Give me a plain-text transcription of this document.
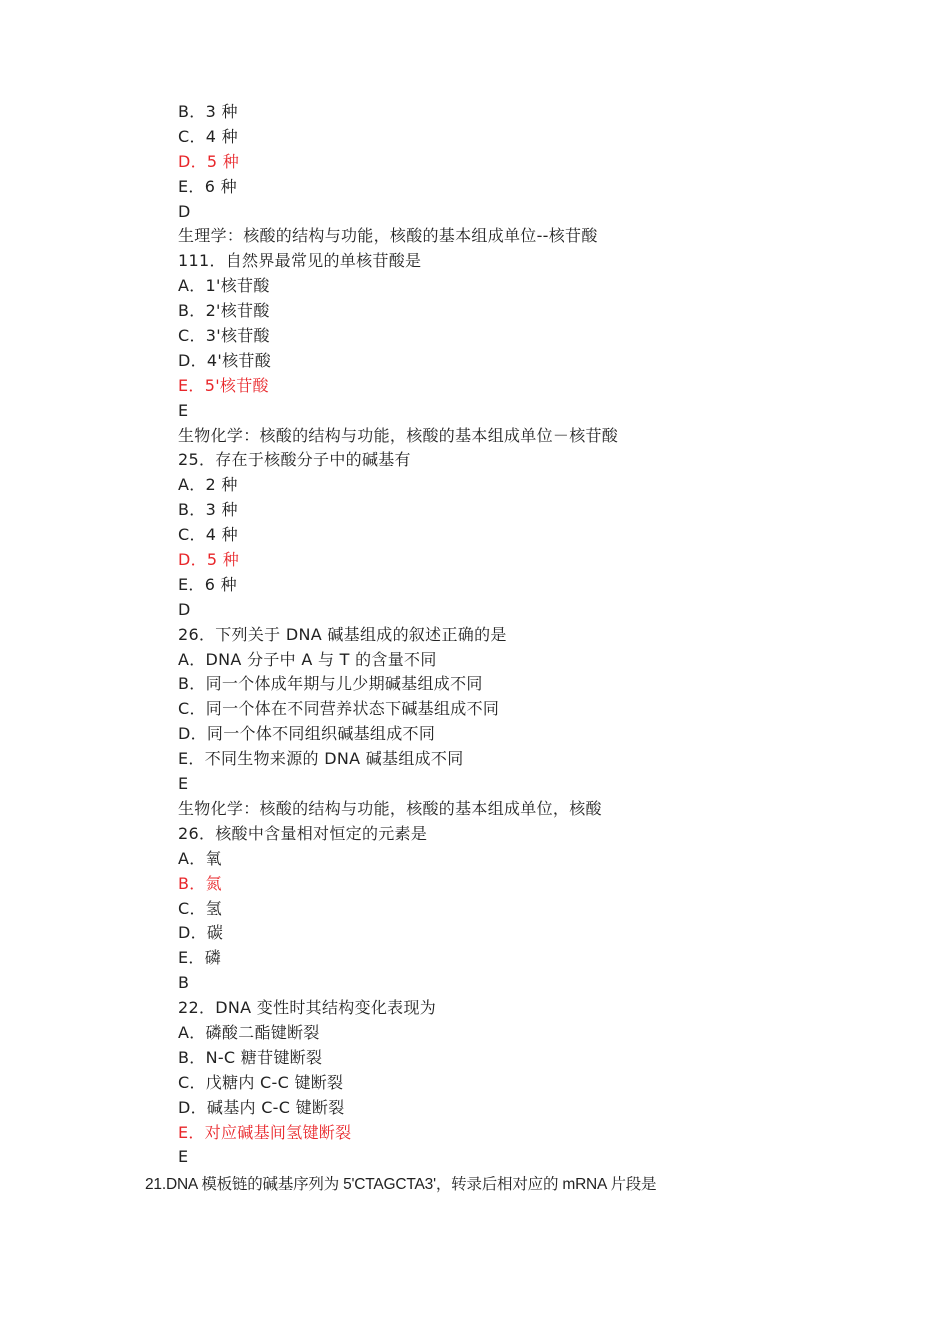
B．3 种
C．4 种
D．5 种
E．6 种
D
生理学：核酸的结构与功能，核酸的基本组成单位--核苷酸
111．自然界最常见的单核苷酸是
A．1'核苷酸
B．2'核苷酸
C．3'核苷酸
D．4'核苷酸
E．5'核苷酸
E
生物化学：核酸的结构与功能，核酸的基本组成单位－核苷酸
25．存在于核酸分子中的碱基有
A．2 种
B．3 种
C．4 种
D．5 种
E．6 种
D
26．下列关于 DNA 碱基组成的叙述正确的是
A．DNA 分子中 A 与 T 的含量不同
B．同一个体成年期与儿少期碱基组成不同
C．同一个体在不同营养状态下碱基组成不同
D．同一个体不同组织碱基组成不同
E．不同生物来源的 DNA 碱基组成不同
E
生物化学：核酸的结构与功能，核酸的基本组成单位，核酸
26．核酸中含量相对恒定的元素是
A．氧
B．氮
C．氢
D．碳
E．磷
B
22．DNA 变性时其结构变化表现为
A．磷酸二酯键断裂
B．N-C 糖苷键断裂
C．戊糖内 C-C 键断裂
D．碱基内 C-C 键断裂
E．对应碱基间氢键断裂
E
21.DNA 模板链的碱基序列为 5'CTAGCTA3'，转录后相对应的 mRNA 片段是
